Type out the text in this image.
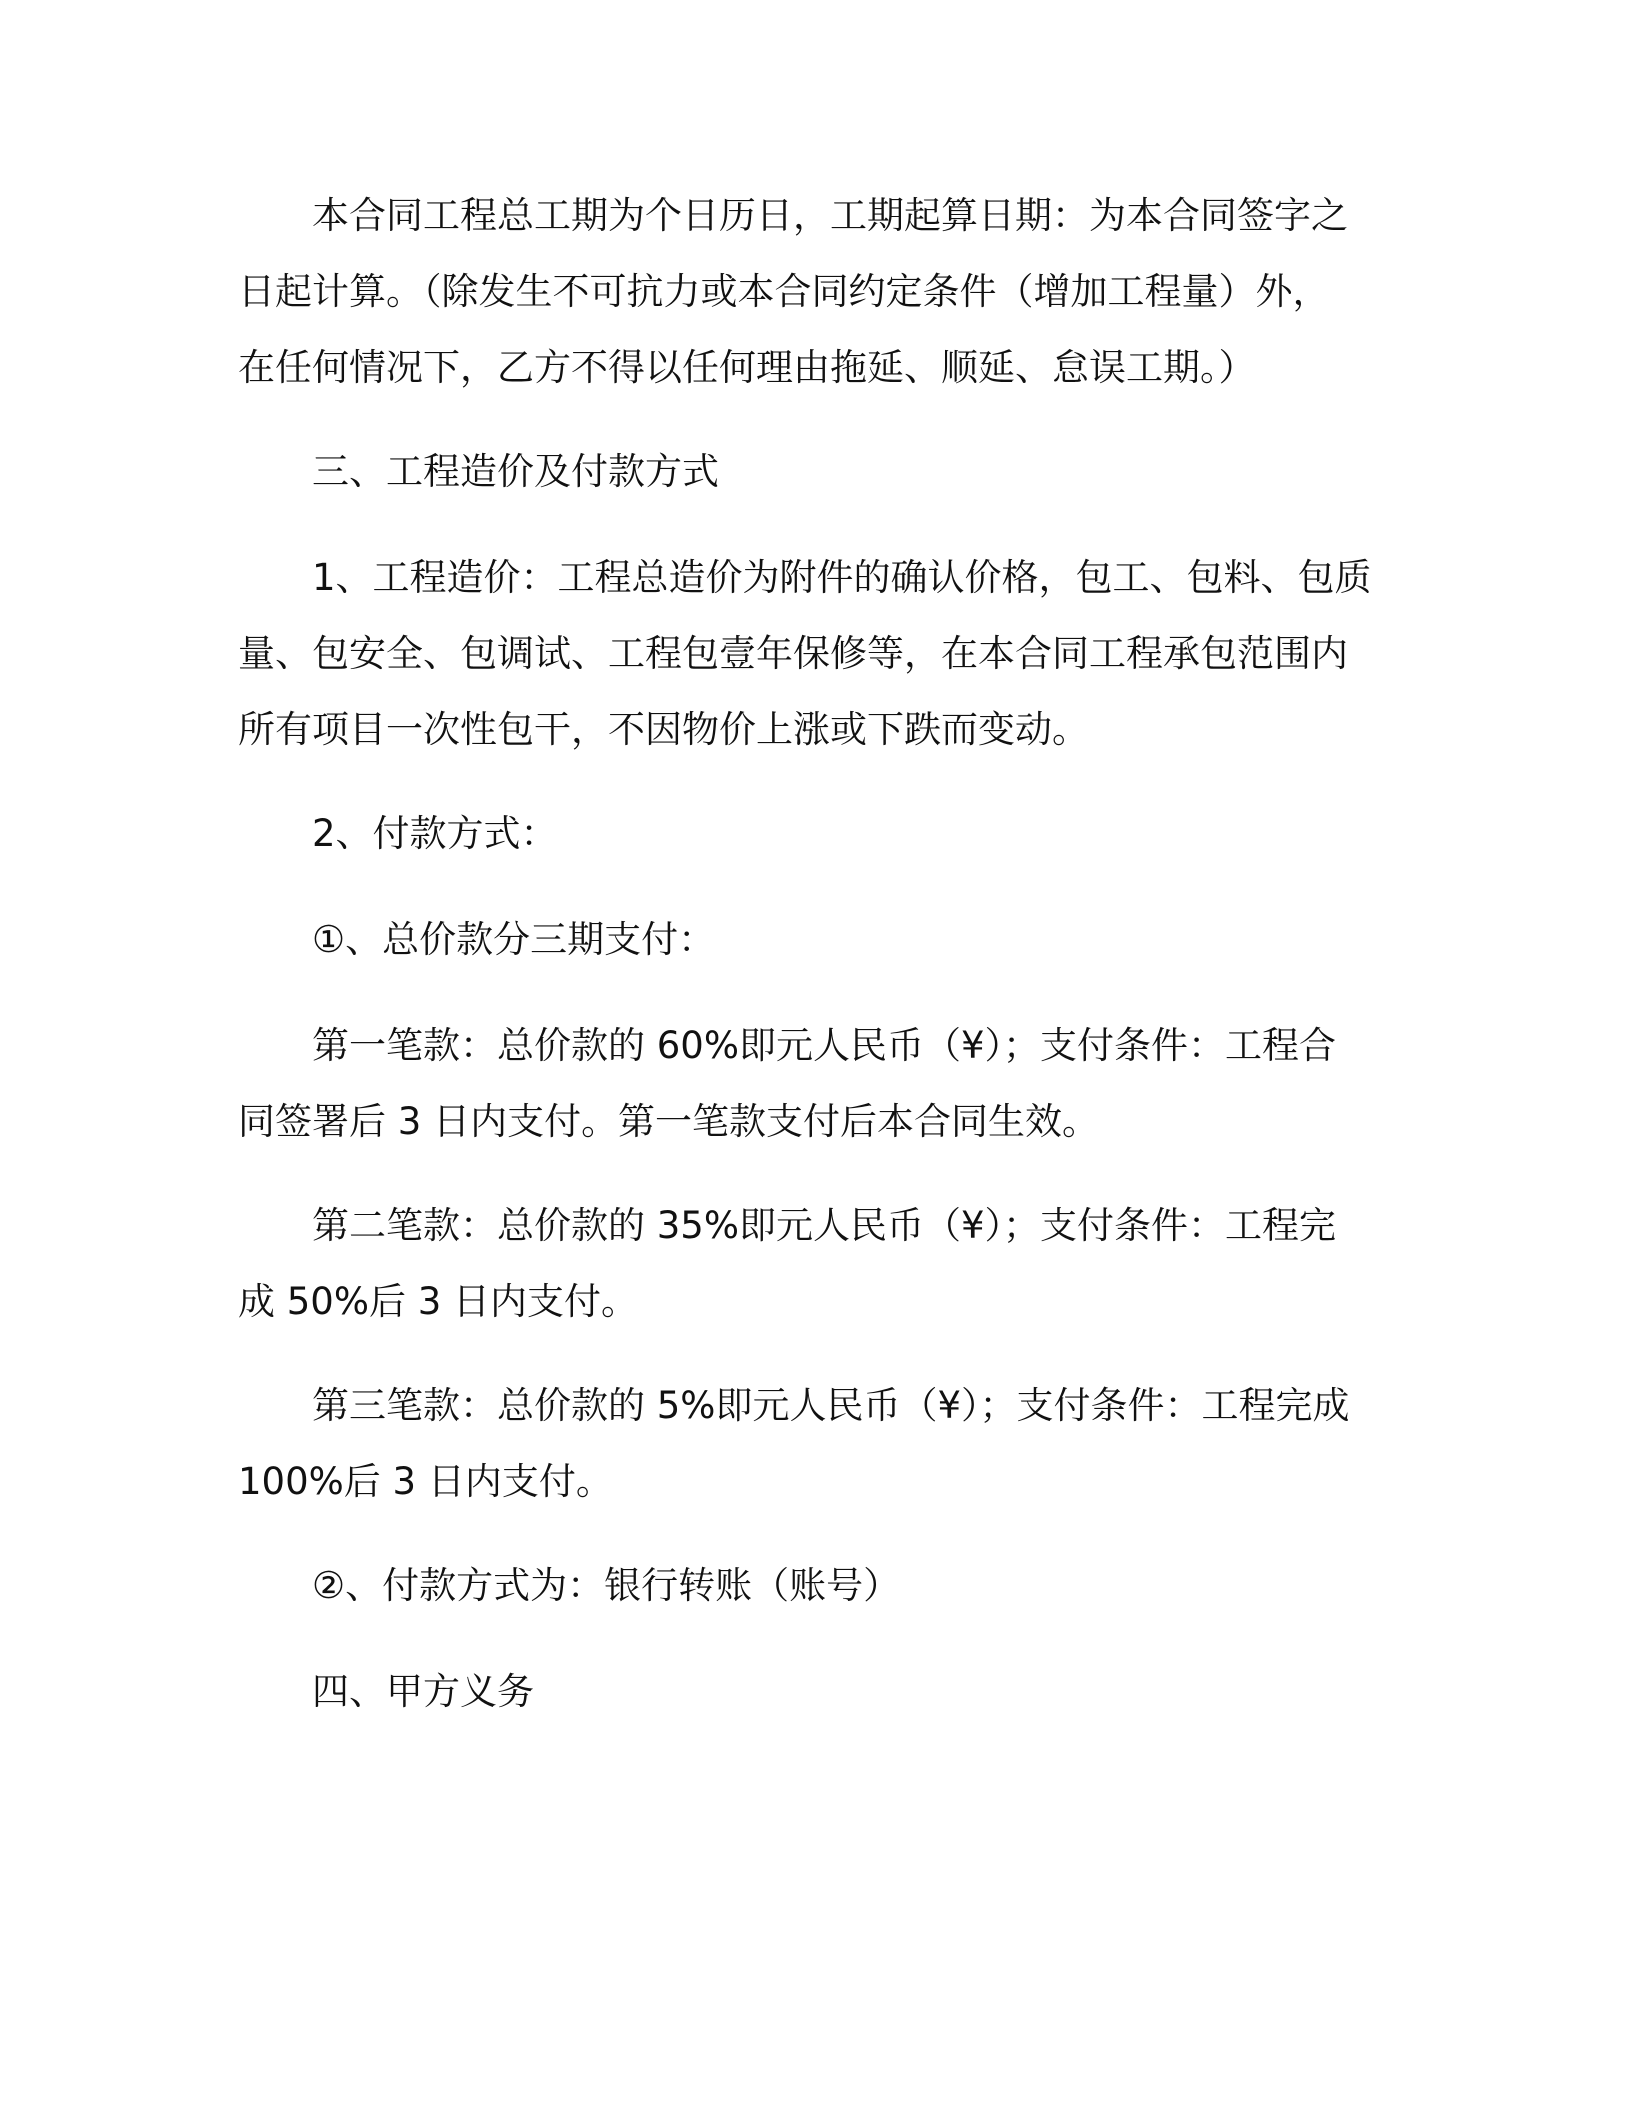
本合同工程总工期为个日历日，工期起算日期：为本合同签字之
日起计算。（除发生不可抗力或本合同约定条件（增加工程量）外，
在任何情况下，乙方不得以任何理由拖延、顺延、怠误工期。）

三、工程造价及付款方式

1、工程造价：工程总造价为附件的确认价格，包工、包料、包质
量、包安全、包调试、工程包壹年保修等，在本合同工程承包范围内
所有项目一次性包干，不因物价上涨或下跌而变动。

2、付款方式：

①、总价款分三期支付：

第一笔款：总价款的 60%即元人民币（¥）；支付条件：工程合
同签署后 3 日内支付。第一笔款支付后本合同生效。

第二笔款：总价款的 35%即元人民币（¥）；支付条件：工程完
成 50%后 3 日内支付。

第三笔款：总价款的 5%即元人民币（¥）；支付条件：工程完成
100%后 3 日内支付。

②、付款方式为：银行转账（账号）

四、甲方义务
